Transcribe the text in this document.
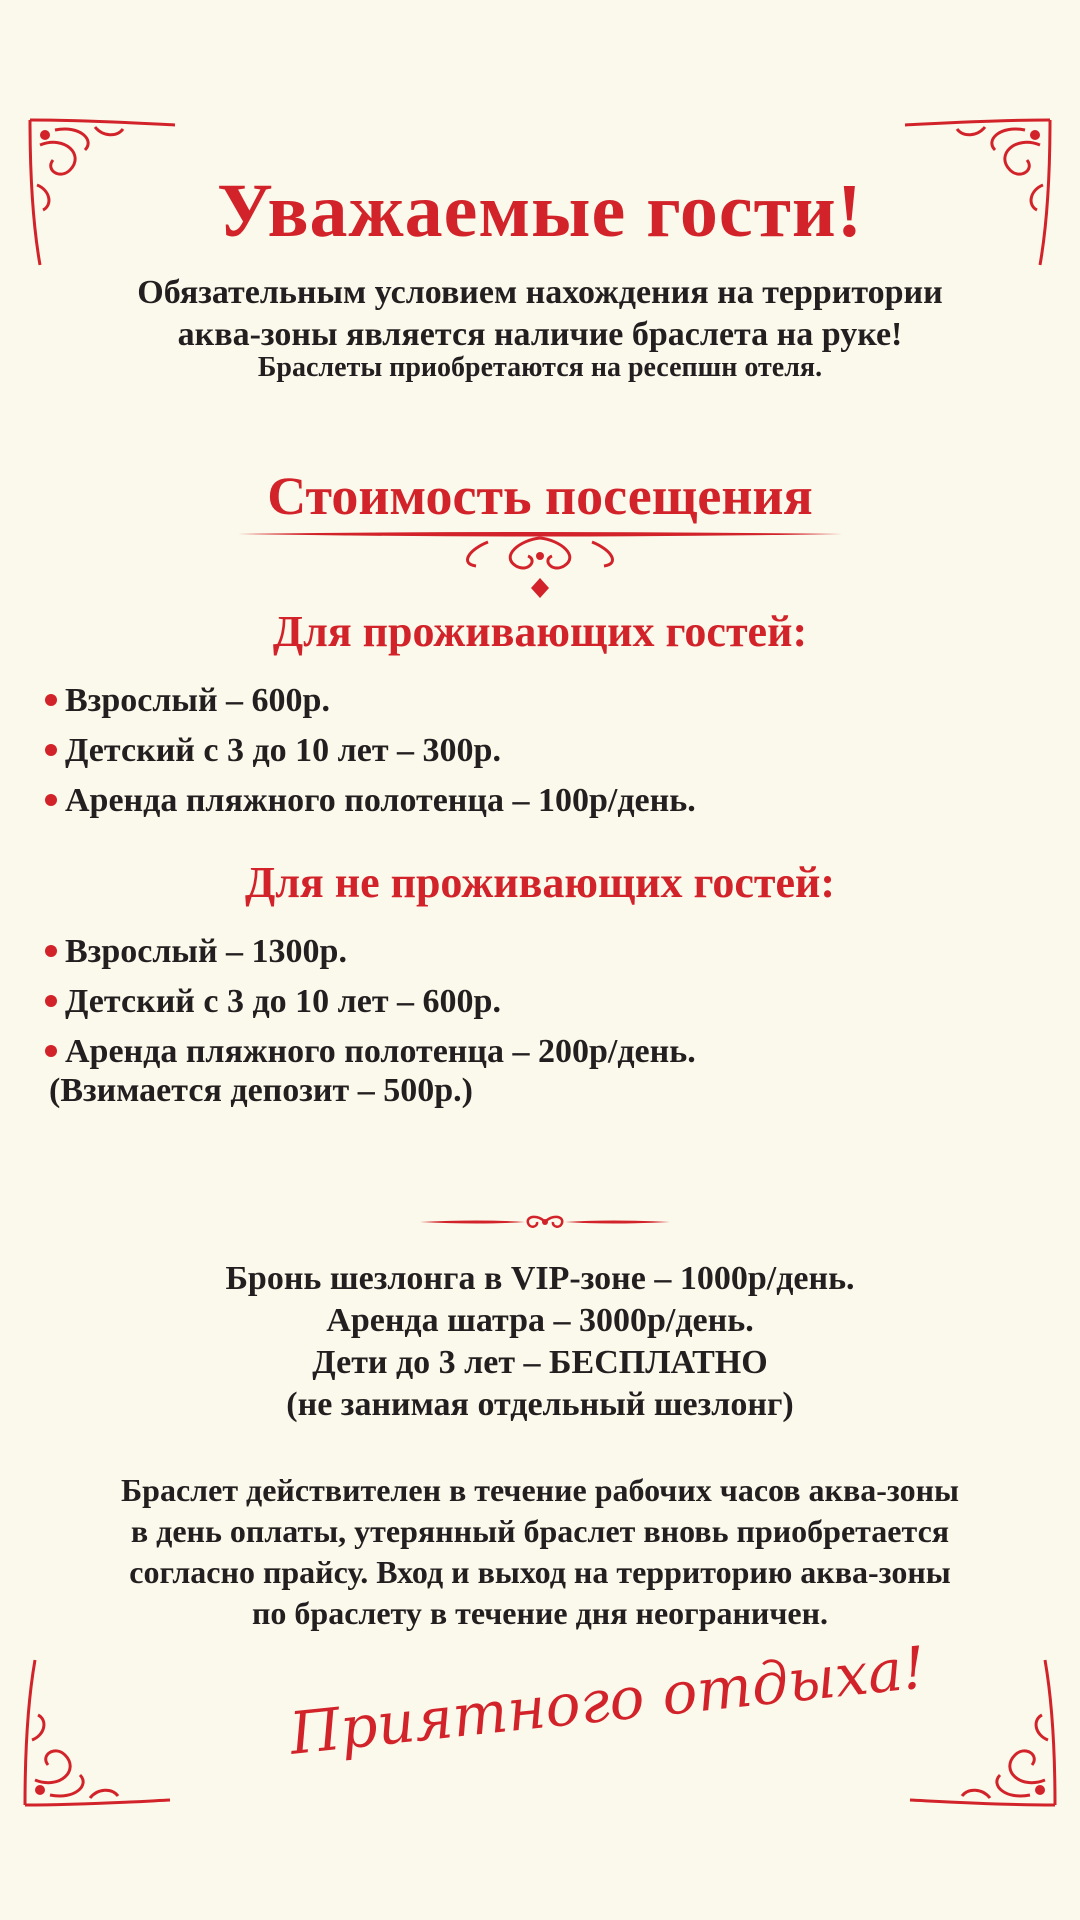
Уважаемые гости!
Обязательным условием нахождения на территории
аква-зоны является наличие браслета на руке!
Браслеты приобретаются на ресепшн отеля.
Стоимость посещения
Для проживающих гостей:
Взрослый – 600р.
Детский с 3 до 10 лет – 300р.
Аренда пляжного полотенца – 100р/день.
Для не проживающих гостей:
Взрослый – 1300р.
Детский с 3 до 10 лет – 600р.
Аренда пляжного полотенца – 200р/день.
(Взимается депозит – 500р.)
Бронь шезлонга в VIP-зоне – 1000р/день.
Аренда шатра – 3000р/день.
Дети до 3 лет – БЕСПЛАТНО
(не занимая отдельный шезлонг)
Браслет действителен в течение рабочих часов аква-зоны
в день оплаты, утерянный браслет вновь приобретается
согласно прайсу. Вход и выход на территорию аква-зоны
по браслету в течение дня неограничен.
Приятного отдыха!
